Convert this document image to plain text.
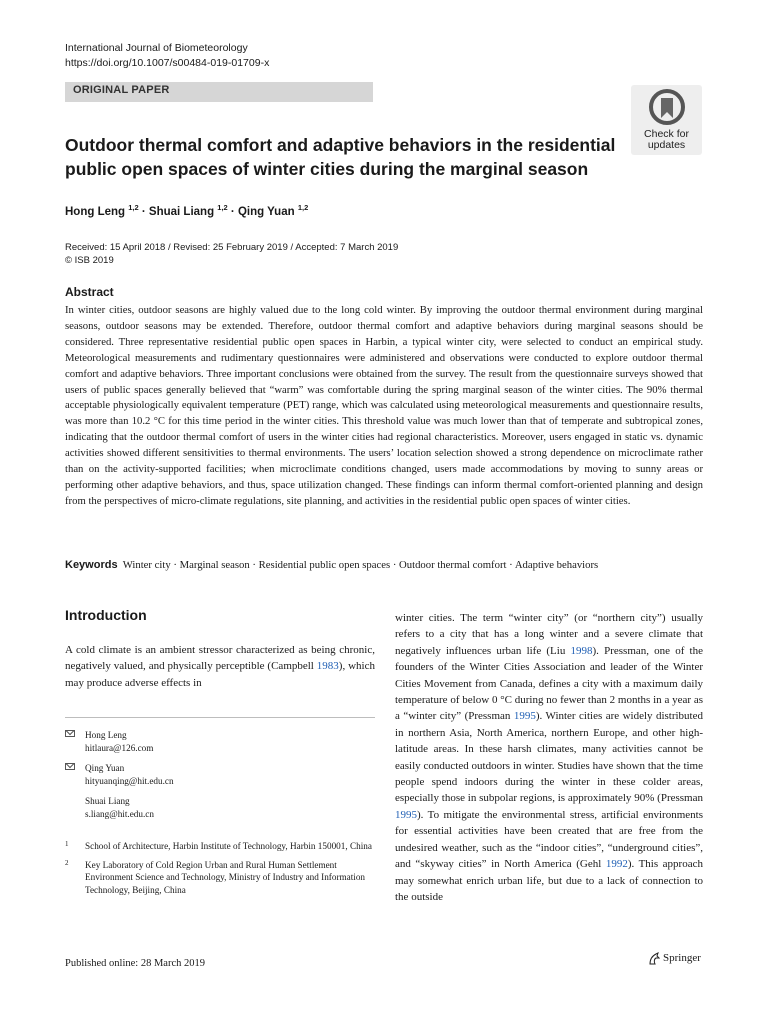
International Journal of Biometeorology
https://doi.org/10.1007/s00484-019-01709-x
ORIGINAL PAPER
Check for
updates
Outdoor thermal comfort and adaptive behaviors in the residential public open spaces of winter cities during the marginal season
Hong Leng $^{1,2}$ · Shuai Liang $^{1,2}$ · Qing Yuan $^{1,2}$
Received: 15 April 2018 / Revised: 25 February 2019 / Accepted: 7 March 2019
© ISB 2019
Abstract
In winter cities, outdoor seasons are highly valued due to the long cold winter. By improving the outdoor thermal environment during marginal seasons, outdoor seasons may be extended. Therefore, outdoor thermal comfort and adaptive behaviors during marginal seasons should be considered. Three representative residential public open spaces in Harbin, a typical winter city, were selected to conduct an empirical study. Meteorological measurements and rudimentary questionnaires were administered and observations were conducted to explore outdoor thermal comfort and adaptive behaviors. Three important conclusions were obtained from the survey. The result from the questionnaire surveys showed that users of public spaces generally believed that “warm” was comfortable during the spring marginal season of the winter cities. The 90% thermal acceptable physiologically equivalent temperature (PET) range, which was calculated using meteorological measurements and questionnaire results, was more than 10.2 °C for this time period in the winter cities. This threshold value was much lower than that of temperate and subtropical zones, indicating that the outdoor thermal comfort of users in the winter cities had regional characteristics. Moreover, users engaged in static vs. dynamic activities showed different sensitivities to thermal environments. The users’ location selection showed a strong dependence on microclimate rather than on the activity-supported facilities; when microclimate conditions changed, users made accommodations by moving to sunny areas or performing other adaptive behaviors, and thus, space utilization changed. These findings can inform thermal comfort-oriented planning and design from the perspectives of micro-climate regulations, site planning, and activities in the residential public open spaces of winter cities.
Keywords Winter city · Marginal season · Residential public open spaces · Outdoor thermal comfort · Adaptive behaviors
Introduction
A cold climate is an ambient stressor characterized as being chronic, negatively valued, and physically perceptible (Campbell 1983), which may produce adverse effects in
winter cities. The term “winter city” (or “northern city”) usually refers to a city that has a long winter and a severe climate that negatively influences urban life (Liu 1998). Pressman, one of the founders of the Winter Cities Association and leader of the Winter Cities Movement from Canada, defines a city with a maximum daily temperature of below 0 °C during no fewer than 2 months in a year as a “winter city” (Pressman 1995). Winter cities are widely distributed in northern Asia, North America, northern Europe, and other high-latitude areas. In these harsh climates, many activities cannot be easily conducted outdoors in winter. Studies have shown that the time people spend indoors during the winter in these colder areas, especially those in subpolar regions, is approximately 90% (Pressman 1995). To mitigate the environmental stress, artificial environments for essential activities have been created that are free from the undesired weather, such as the “indoor cities”, “underground cities”, and “skyway cities” in North America (Gehl 1992). This approach may somewhat enrich urban life, but due to a lack of connection to the outside
Hong Leng
hitlaura@126.com
Qing Yuan
hityuanqing@hit.edu.cn
Shuai Liang
s.liang@hit.edu.cn
1 School of Architecture, Harbin Institute of Technology, Harbin 150001, China
2 Key Laboratory of Cold Region Urban and Rural Human Settlement Environment Science and Technology, Ministry of Industry and Information Technology, Beijing, China
Published online: 28 March 2019	Springer
